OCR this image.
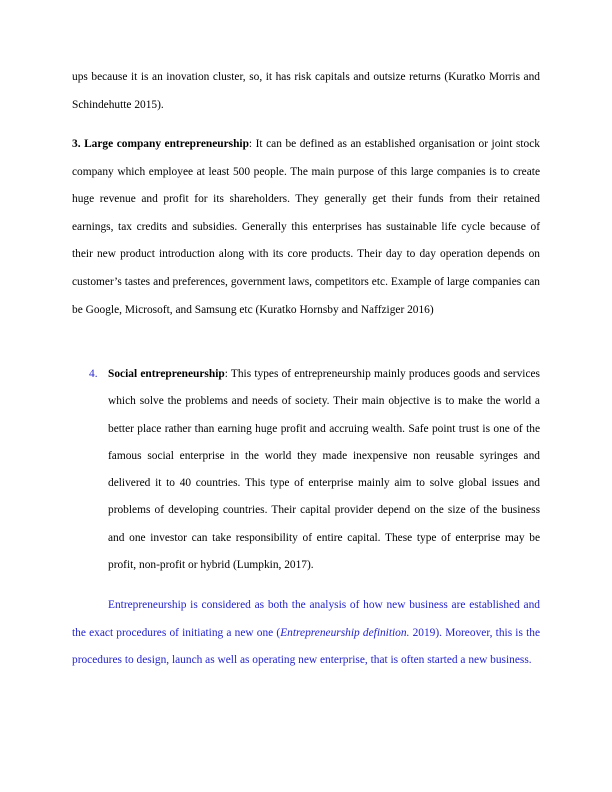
ups because it is an inovation cluster, so, it has risk capitals and outsize returns (Kuratko Morris and Schindehutte 2015).

3. Large company entrepreneurship: It can be defined as an established organisation or joint stock company which employee at least 500 people. The main purpose of this large companies is to create huge revenue and profit for its shareholders. They generally get their funds from their retained earnings, tax credits and subsidies. Generally this enterprises has sustainable life cycle because of their new product introduction along with its core products. Their day to day operation depends on customer’s tastes and preferences, government laws, competitors etc. Example of large companies can be Google, Microsoft, and Samsung etc (Kuratko Hornsby and Naffziger 2016)

4. Social entrepreneurship: This types of entrepreneurship mainly produces goods and services which solve the problems and needs of society. Their main objective is to make the world a better place rather than earning huge profit and accruing wealth. Safe point trust is one of the famous social enterprise in the world they made inexpensive non reusable syringes and delivered it to 40 countries. This type of enterprise mainly aim to solve global issues and problems of developing countries. Their capital provider depend on the size of the business and one investor can take responsibility of entire capital. These type of enterprise may be profit, non-profit or hybrid (Lumpkin, 2017).

Entrepreneurship is considered as both the analysis of how new business are established and the exact procedures of initiating a new one (Entrepreneurship definition. 2019). Moreover, this is the procedures to design, launch as well as operating new enterprise, that is often started a new business.
